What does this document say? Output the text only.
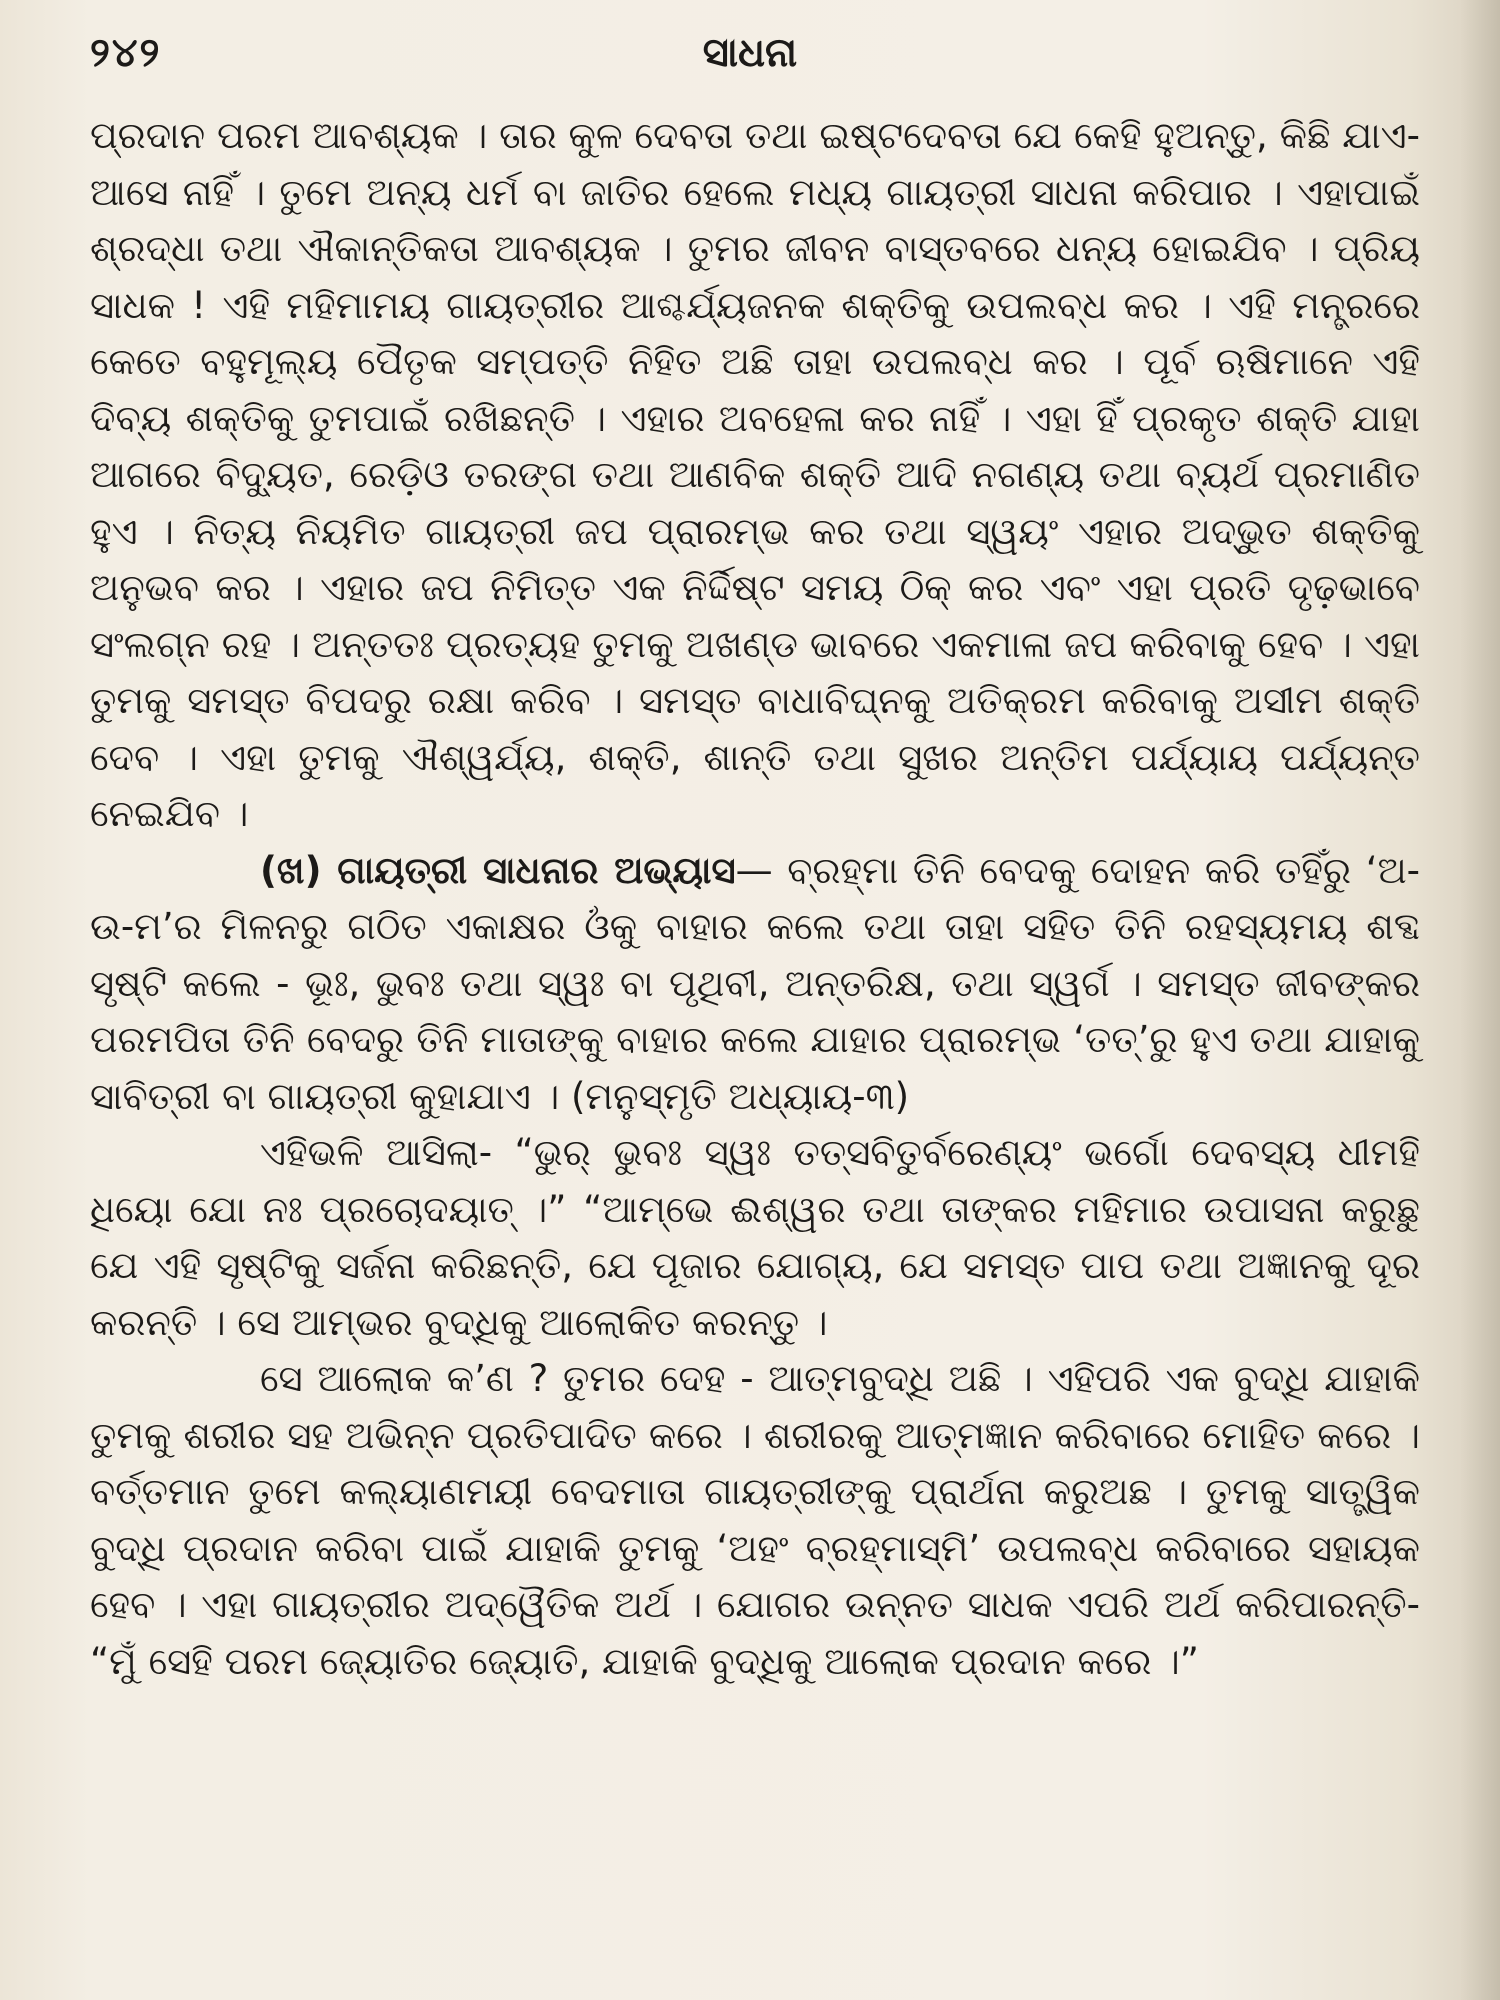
୨୪୨	ସାଧନା

ପ୍ରଦାନ ପରମ ଆବଶ୍ୟକ । ତାର କୁଳ ଦେବତା ତଥା ଇଷ୍ଟଦେବତା ଯେ କେହି ହୁଅନ୍ତୁ, କିଛି ଯାଏ-ଆସେ ନାହିଁ । ତୁମେ ଅନ୍ୟ ଧର୍ମ ବା ଜାତିର ହେଲେ ମଧ୍ୟ ଗାୟତ୍ରୀ ସାଧନା କରିପାର । ଏହାପାଇଁ ଶ୍ରଦ୍ଧା ତଥା ଐକାନ୍ତିକତା ଆବଶ୍ୟକ । ତୁମର ଜୀବନ ବାସ୍ତବରେ ଧନ୍ୟ ହୋଇଯିବ । ପ୍ରିୟ ସାଧକ ! ଏହି ମହିମାମୟ ଗାୟତ୍ରୀର ଆଶ୍ଚର୍ଯ୍ୟଜନକ ଶକ୍ତିକୁ ଉପଲବ୍ଧ କର । ଏହି ମନ୍ତ୍ରରେ କେତେ ବହୁମୂଲ୍ୟ ପୈତୃକ ସମ୍ପତ୍ତି ନିହିତ ଅଛି ତାହା ଉପଲବ୍ଧ କର । ପୂର୍ବ ଋଷିମାନେ ଏହି ଦିବ୍ୟ ଶକ୍ତିକୁ ତୁମପାଇଁ ରଖିଛନ୍ତି । ଏହାର ଅବହେଳା କର ନାହିଁ । ଏହା ହିଁ ପ୍ରକୃତ ଶକ୍ତି ଯାହା ଆଗରେ ବିଦ୍ୟୁତ, ରେଡ଼ିଓ ତରଙ୍ଗ ତଥା ଆଣବିକ ଶକ୍ତି ଆଦି ନଗଣ୍ୟ ତଥା ବ୍ୟର୍ଥ ପ୍ରମାଣିତ ହୁଏ । ନିତ୍ୟ ନିୟମିତ ଗାୟତ୍ରୀ ଜପ ପ୍ରାରମ୍ଭ କର ତଥା ସ୍ୱୟଂ ଏହାର ଅଦ୍ଭୁତ ଶକ୍ତିକୁ ଅନୁଭବ କର । ଏହାର ଜପ ନିମିତ୍ତ ଏକ ନିର୍ଦ୍ଦିଷ୍ଟ ସମୟ ଠିକ୍ କର ଏବଂ ଏହା ପ୍ରତି ଦୃଢ଼ଭାବେ ସଂଲଗ୍ନ ରହ । ଅନ୍ତତଃ ପ୍ରତ୍ୟହ ତୁମକୁ ଅଖଣ୍ଡ ଭାବରେ ଏକମାଳା ଜପ କରିବାକୁ ହେବ । ଏହା ତୁମକୁ ସମସ୍ତ ବିପଦରୁ ରକ୍ଷା କରିବ । ସମସ୍ତ ବାଧାବିଘ୍ନକୁ ଅତିକ୍ରମ କରିବାକୁ ଅସୀମ ଶକ୍ତି ଦେବ । ଏହା ତୁମକୁ ଐଶ୍ୱର୍ଯ୍ୟ, ଶକ୍ତି, ଶାନ୍ତି ତଥା ସୁଖର ଅନ୍ତିମ ପର୍ଯ୍ୟାୟ ପର୍ଯ୍ୟନ୍ତ ନେଇଯିବ ।

(ଖ) ଗାୟତ୍ରୀ ସାଧନାର ଅଭ୍ୟାସ— ବ୍ରହ୍ମା ତିନି ବେଦକୁ ଦୋହନ କରି ତହିଁରୁ ‘ଅ-ଉ-ମ’ର ମିଳନରୁ ଗଠିତ ଏକାକ୍ଷର ଓଁକୁ ବାହାର କଲେ ତଥା ତାହା ସହିତ ତିନି ରହସ୍ୟମୟ ଶବ୍ଦ ସୃଷ୍ଟି କଲେ - ଭୂଃ, ଭୁବଃ ତଥା ସ୍ୱଃ ବା ପୃଥିବୀ, ଅନ୍ତରିକ୍ଷ, ତଥା ସ୍ୱର୍ଗ । ସମସ୍ତ ଜୀବଙ୍କର ପରମପିତା ତିନି ବେଦରୁ ତିନି ମାତାଙ୍କୁ ବାହାର କଲେ ଯାହାର ପ୍ରାରମ୍ଭ ‘ତତ୍’ରୁ ହୁଏ ତଥା ଯାହାକୁ ସାବିତ୍ରୀ ବା ଗାୟତ୍ରୀ କୁହାଯାଏ । (ମନୁସ୍ମୃତି ଅଧ୍ୟାୟ-୩)

ଏହିଭଳି ଆସିଲା- “ଭୁର୍ ଭୁବଃ ସ୍ୱଃ ତତ୍ସବିତୁର୍ବରେଣ୍ୟଂ ଭର୍ଗୋ ଦେବସ୍ୟ ଧୀମହି ଧିୟୋ ଯୋ ନଃ ପ୍ରଚୋଦୟାତ୍ ।” “ଆମ୍ଭେ ଈଶ୍ୱର ତଥା ତାଙ୍କର ମହିମାର ଉପାସନା କରୁଛୁ ଯେ ଏହି ସୃଷ୍ଟିକୁ ସର୍ଜନା କରିଛନ୍ତି, ଯେ ପୂଜାର ଯୋଗ୍ୟ, ଯେ ସମସ୍ତ ପାପ ତଥା ଅଜ୍ଞାନକୁ ଦୂର କରନ୍ତି । ସେ ଆମ୍ଭର ବୁଦ୍ଧିକୁ ଆଲୋକିତ କରନ୍ତୁ ।

ସେ ଆଲୋକ କ’ଣ ? ତୁମର ଦେହ - ଆତ୍ମବୁଦ୍ଧି ଅଛି । ଏହିପରି ଏକ ବୁଦ୍ଧି ଯାହାକି ତୁମକୁ ଶରୀର ସହ ଅଭିନ୍ନ ପ୍ରତିପାଦିତ କରେ । ଶରୀରକୁ ଆତ୍ମଜ୍ଞାନ କରିବାରେ ମୋହିତ କରେ । ବର୍ତ୍ତମାନ ତୁମେ କଲ୍ୟାଣମୟୀ ବେଦମାତା ଗାୟତ୍ରୀଙ୍କୁ ପ୍ରାର୍ଥନା କରୁଅଛ । ତୁମକୁ ସାତ୍ତ୍ୱିକ ବୁଦ୍ଧି ପ୍ରଦାନ କରିବା ପାଇଁ ଯାହାକି ତୁମକୁ ‘ଅହଂ ବ୍ରହ୍ମାସ୍ମି’ ଉପଲବ୍ଧ କରିବାରେ ସହାୟକ ହେବ । ଏହା ଗାୟତ୍ରୀର ଅଦ୍ୱୈତିକ ଅର୍ଥ । ଯୋଗର ଉନ୍ନତ ସାଧକ ଏପରି ଅର୍ଥ କରିପାରନ୍ତି- “ମୁଁ ସେହି ପରମ ଜ୍ୟୋତିର ଜ୍ୟୋତି, ଯାହାକି ବୁଦ୍ଧିକୁ ଆଲୋକ ପ୍ରଦାନ କରେ ।”
